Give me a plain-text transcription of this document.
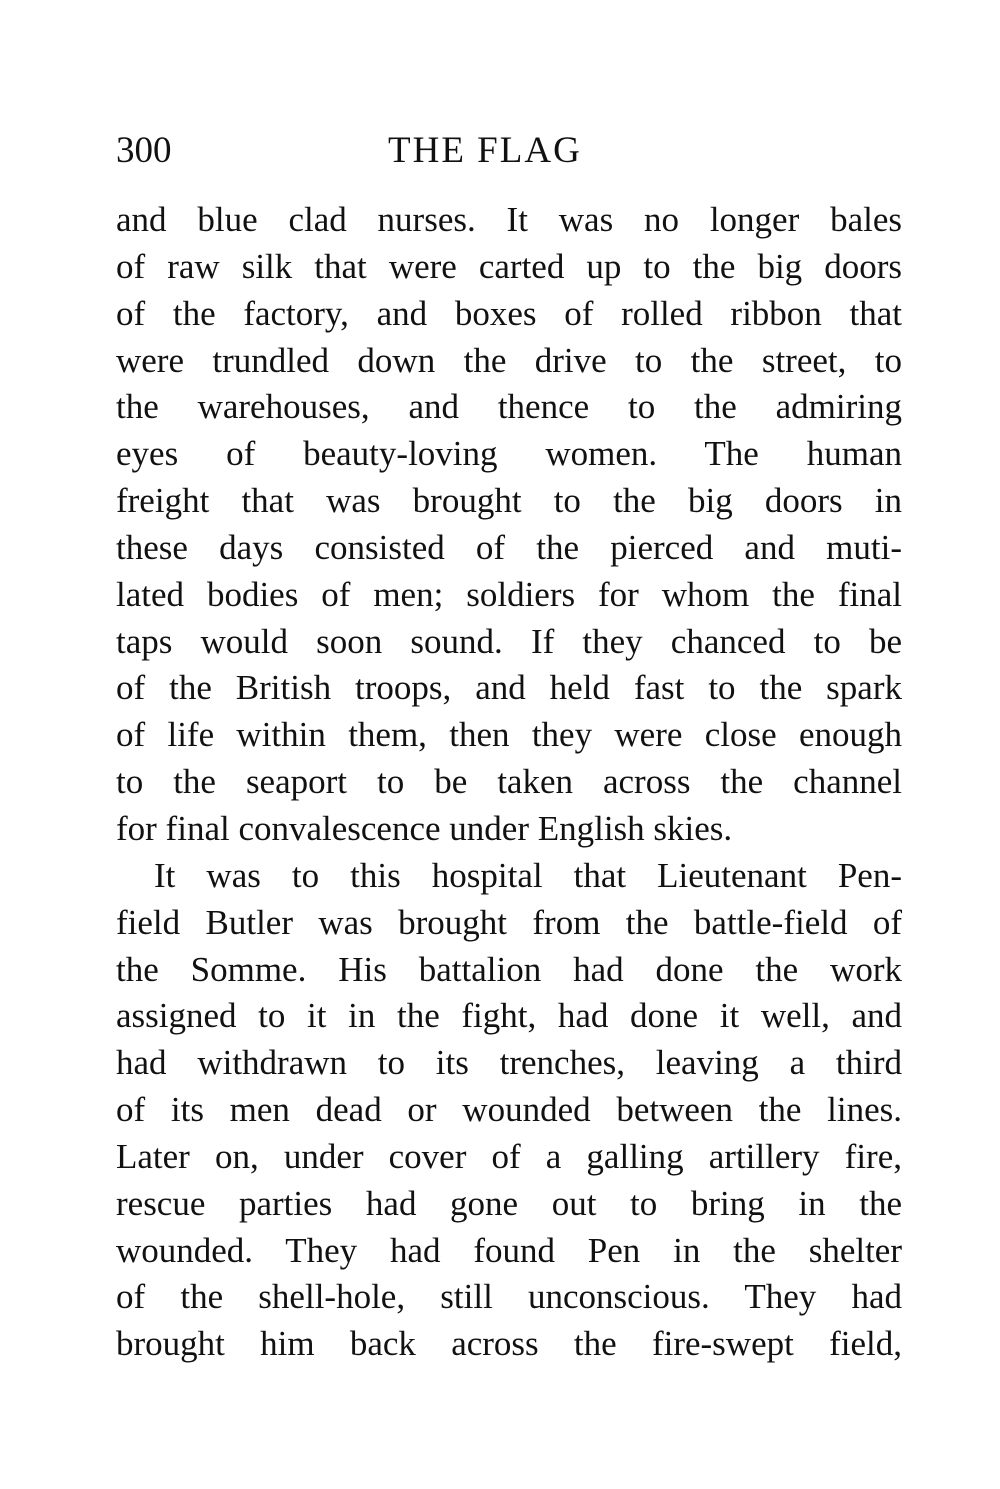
300	THE FLAG
and blue clad nurses. It was no longer bales
of raw silk that were carted up to the big doors
of the factory, and boxes of rolled ribbon that
were trundled down the drive to the street, to
the warehouses, and thence to the admiring
eyes of beauty-loving women. The human
freight that was brought to the big doors in
these days consisted of the pierced and muti-
lated bodies of men; soldiers for whom the final
taps would soon sound. If they chanced to be
of the British troops, and held fast to the spark
of life within them, then they were close enough
to the seaport to be taken across the channel
for final convalescence under English skies.
It was to this hospital that Lieutenant Pen-
field Butler was brought from the battle-field of
the Somme. His battalion had done the work
assigned to it in the fight, had done it well, and
had withdrawn to its trenches, leaving a third
of its men dead or wounded between the lines.
Later on, under cover of a galling artillery fire,
rescue parties had gone out to bring in the
wounded. They had found Pen in the shelter
of the shell-hole, still unconscious. They had
brought him back across the fire-swept field,
